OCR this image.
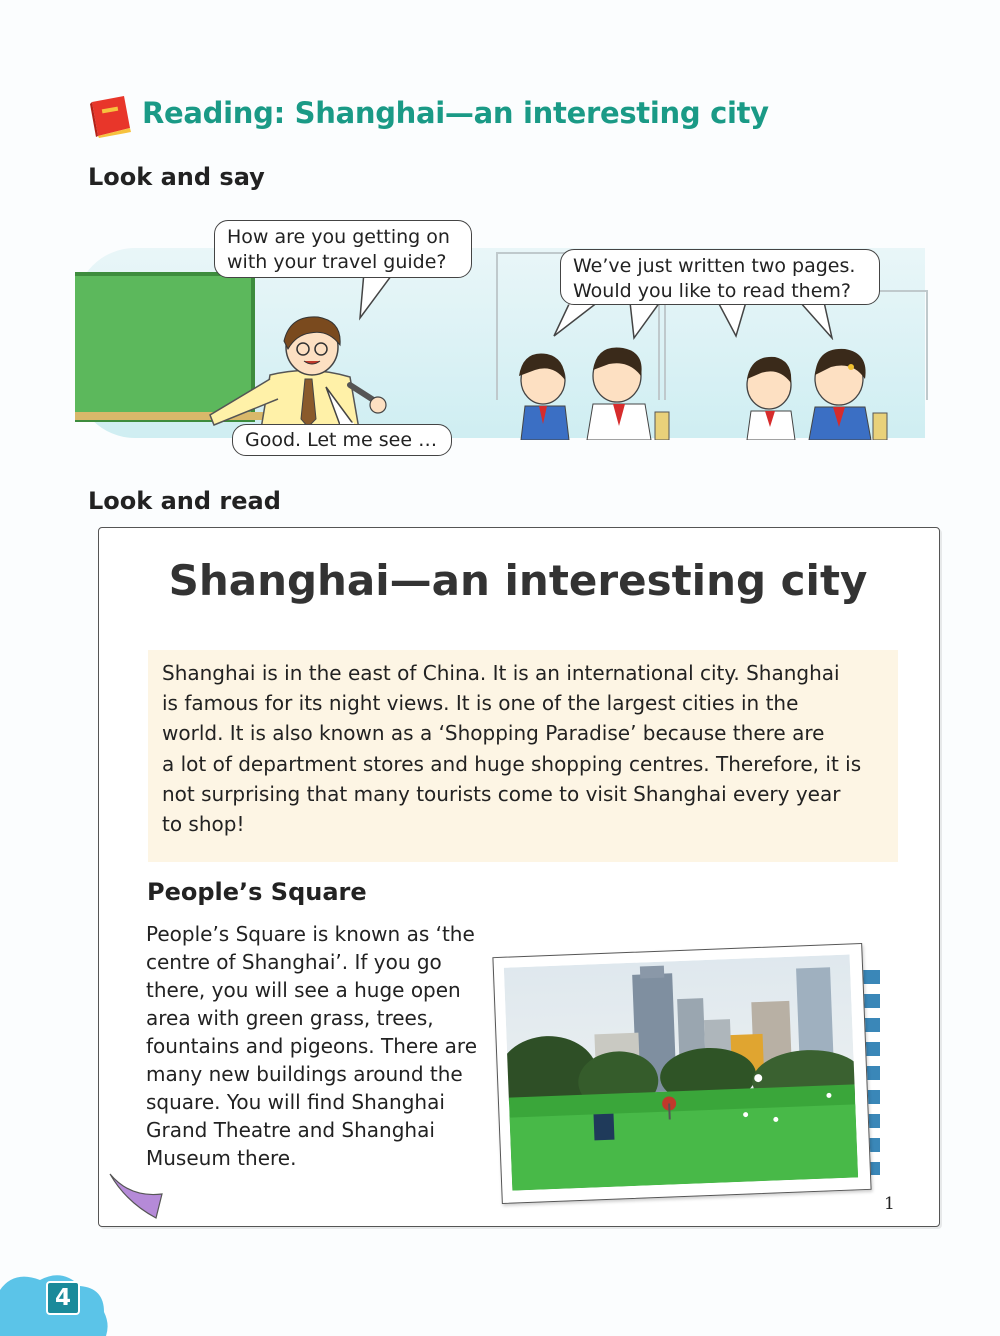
Reading: Shanghai—an interesting city
Look and say
How are you getting on
with your travel guide?	We’ve just written two pages.
Would you like to read them?
Good. Let me see …
Look and read
Shanghai—an interesting city
Shanghai is in the east of China. It is an international city. Shanghai
is famous for its night views. It is one of the largest cities in the
world. It is also known as a ‘Shopping Paradise’ because there are
a lot of department stores and huge shopping centres. Therefore, it is
not surprising that many tourists come to visit Shanghai every year
to shop!
People’s Square
People’s Square is known as ‘the
centre of Shanghai’. If you go
there, you will see a huge open
area with green grass, trees,
fountains and pigeons. There are
many new buildings around the
square. You will find Shanghai
Grand Theatre and Shanghai
Museum there.
1
4
